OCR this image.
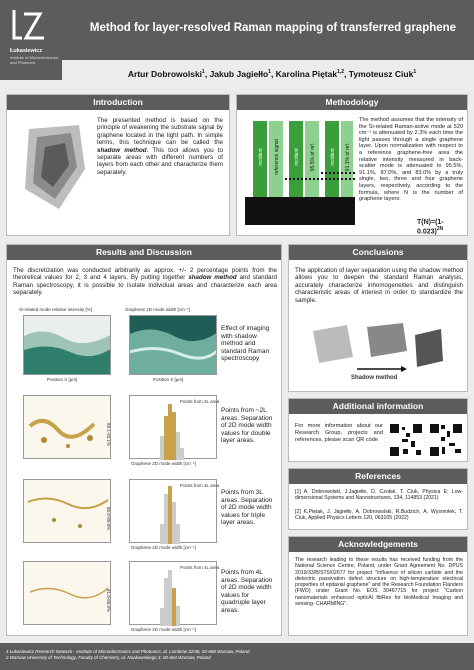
Łukasiewicz
Institute of Microelectronics and Photonics
Method for layer-resolved Raman mapping of transferred graphene
Artur Dobrowolski$^1$, Jakub Jagiełło$^1$, Karolina Piętak$^{1,2}$, Tymoteusz Ciuk$^1$
Introduction
The presented method is based on the principle of weakening the substrate signal by graphene located in the light path. In simple terms, this technique can be called the shadow method. This tool allows you to separate areas with different numbers of layers from each other and characterize them separately.
Methodology
incident reference signal	incident 95.5% of ref.	incident 91.1% of ref.
The method assumes that the intensity of the Si-related Raman-active mode at 520 cm⁻¹ is attenuated by 2.3% each time the light passes through a single graphene layer. Upon normalization with respect to a reference graphene-free area the relative intensity measured in back-scatter mode is attenuated to 95.5%, 91.1%, 87.0%, and 83.0% by a truly single, two, three and four graphene layers, respectively, according to the formula, where N is the number of graphene layers:
$T(N)=(1-0.023)^{2N}$
Results and Discussion
The discretization was conducted arbitrarily as approx. +/- 2 percentage points from the theoretical values for 2, 3 and 4 layers. By putting together shadow method and standard Raman spectroscopy, it is possible to isolate individual areas and characterize each area separately.
Si-related mode relative intensity [%]	Graphene 2D mode width [cm⁻¹]
Position X [µm]	Position X [µm]
Effect of imaging with shadow method and standard Raman spectroscopy
89.1-93.1%
Points from 2L area
Graphene 2D mode width [cm⁻¹]
Points from ~2L areas. Separation of 2D mode width values for double layer areas.
85.0-89.0%
Points from 3L area
Graphene 2D mode width [cm⁻¹]
Points from 3L areas. Separation of 2D mode width values for triple layer areas.
81.0-85.0%
Points from 4L area
Graphene 2D mode width [cm⁻¹]
Points from 4L areas. Separation of 2D mode width values for quadruple layer areas.
Conclusions
The application of layer separation using the shadow method allows you to deepen the standard Raman analysis, accurately characterize inhomogeneities and distinguish characteristic areas of interest in order to standardize the sample.
Shadow method
Additional information
For more information about our Research Group, projects and references, please scan QR code
References
[1] A. Dobrowolski, J.Jagiełło, D. Czołak, T. Ciuk, Physica E: Low-dimensional Systems and Nanostructures, 134, 114853 (2021)
[2] K.Piętak, J. Jagiełło, A. Dobrowolski, R.Budzich, A. Wysmołek, T. Ciuk, Applied Physics Letters 120, 063105 (2022)
Acknowledgements
The research leading to these results has received funding from the National Science Centre, Poland, under Grant Agreement No. DPUS 2019/33/B/ST5/02677 for project "Influence of silicon carbide and the dielectric passivation defect structure on high-temperature electrical properties of epitaxial graphene" and the Research Foundation Flanders (FWO) under Grant No. EOS 30467715 for project "Carbon nanomaterials enhanced opticAl fibRes for bioMedical Imaging and sensing- CHARMING".
1 Łukasiewicz Research Network - Institute of Microelectronics and Photonics, al. Lotników 32/46, 02-668 Warsaw, Poland
2 Warsaw University of Technology, Faculty of Chemistry, ul. Noakowskiego 3, 00-664 Warsaw, Poland
